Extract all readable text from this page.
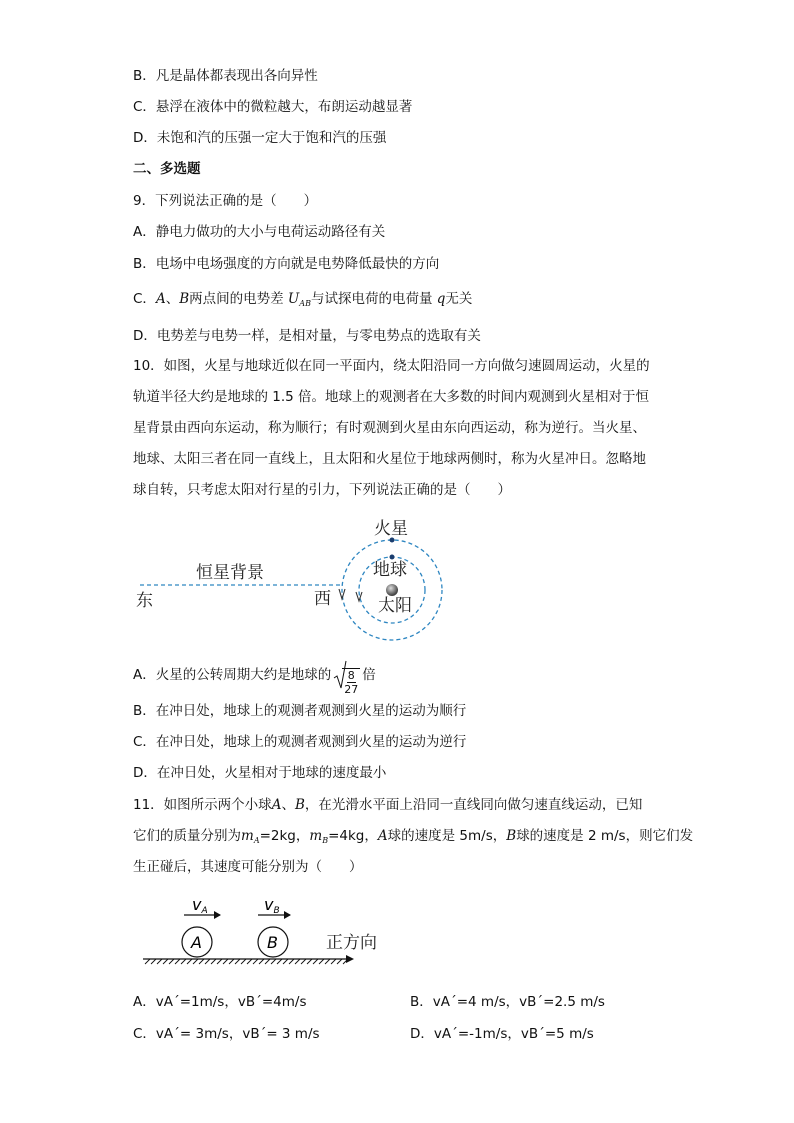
B．凡是晶体都表现出各向异性
C．悬浮在液体中的微粒越大，布朗运动越显著
D．未饱和汽的压强一定大于饱和汽的压强
二、多选题
9．下列说法正确的是（　　）
A．静电力做功的大小与电荷运动路径有关
B．电场中电场强度的方向就是电势降低最快的方向
C．A、B两点间的电势差 $U_{AB}$与试探电荷的电荷量 q无关
D．电势差与电势一样，是相对量，与零电势点的选取有关
10．如图，火星与地球近似在同一平面内，绕太阳沿同一方向做匀速圆周运动，火星的
轨道半径大约是地球的 1.5 倍。地球上的观测者在大多数的时间内观测到火星相对于恒
星背景由西向东运动，称为顺行；有时观测到火星由东向西运动，称为逆行。当火星、
地球、太阳三者在同一直线上，且太阳和火星位于地球两侧时，称为火星冲日。忽略地
球自转，只考虑太阳对行星的引力，下列说法正确的是（　　）
火星
地球
太阳
恒星背景
东	西
A．火星的公转周期大约是地球的 $\frac{8}{27}$ 倍
B．在冲日处，地球上的观测者观测到火星的运动为顺行
C．在冲日处，地球上的观测者观测到火星的运动为逆行
D．在冲日处，火星相对于地球的速度最小
11．如图所示两个小球A、B，在光滑水平面上沿同一直线同向做匀速直线运动，已知
它们的质量分别为$m_A=2kg$，$m_B=4kg$，A球的速度是 5m/s，B球的速度是 2 m/s，则它们发
生正碰后，其速度可能分别为（　　）
vA	vB
A	B	正方向
A．vA´=1m/s，vB´=4m/s	B．vA´=4 m/s，vB´=2.5 m/s
C．vA´= 3m/s，vB´= 3 m/s	D．vA´=-1m/s，vB´=5 m/s
